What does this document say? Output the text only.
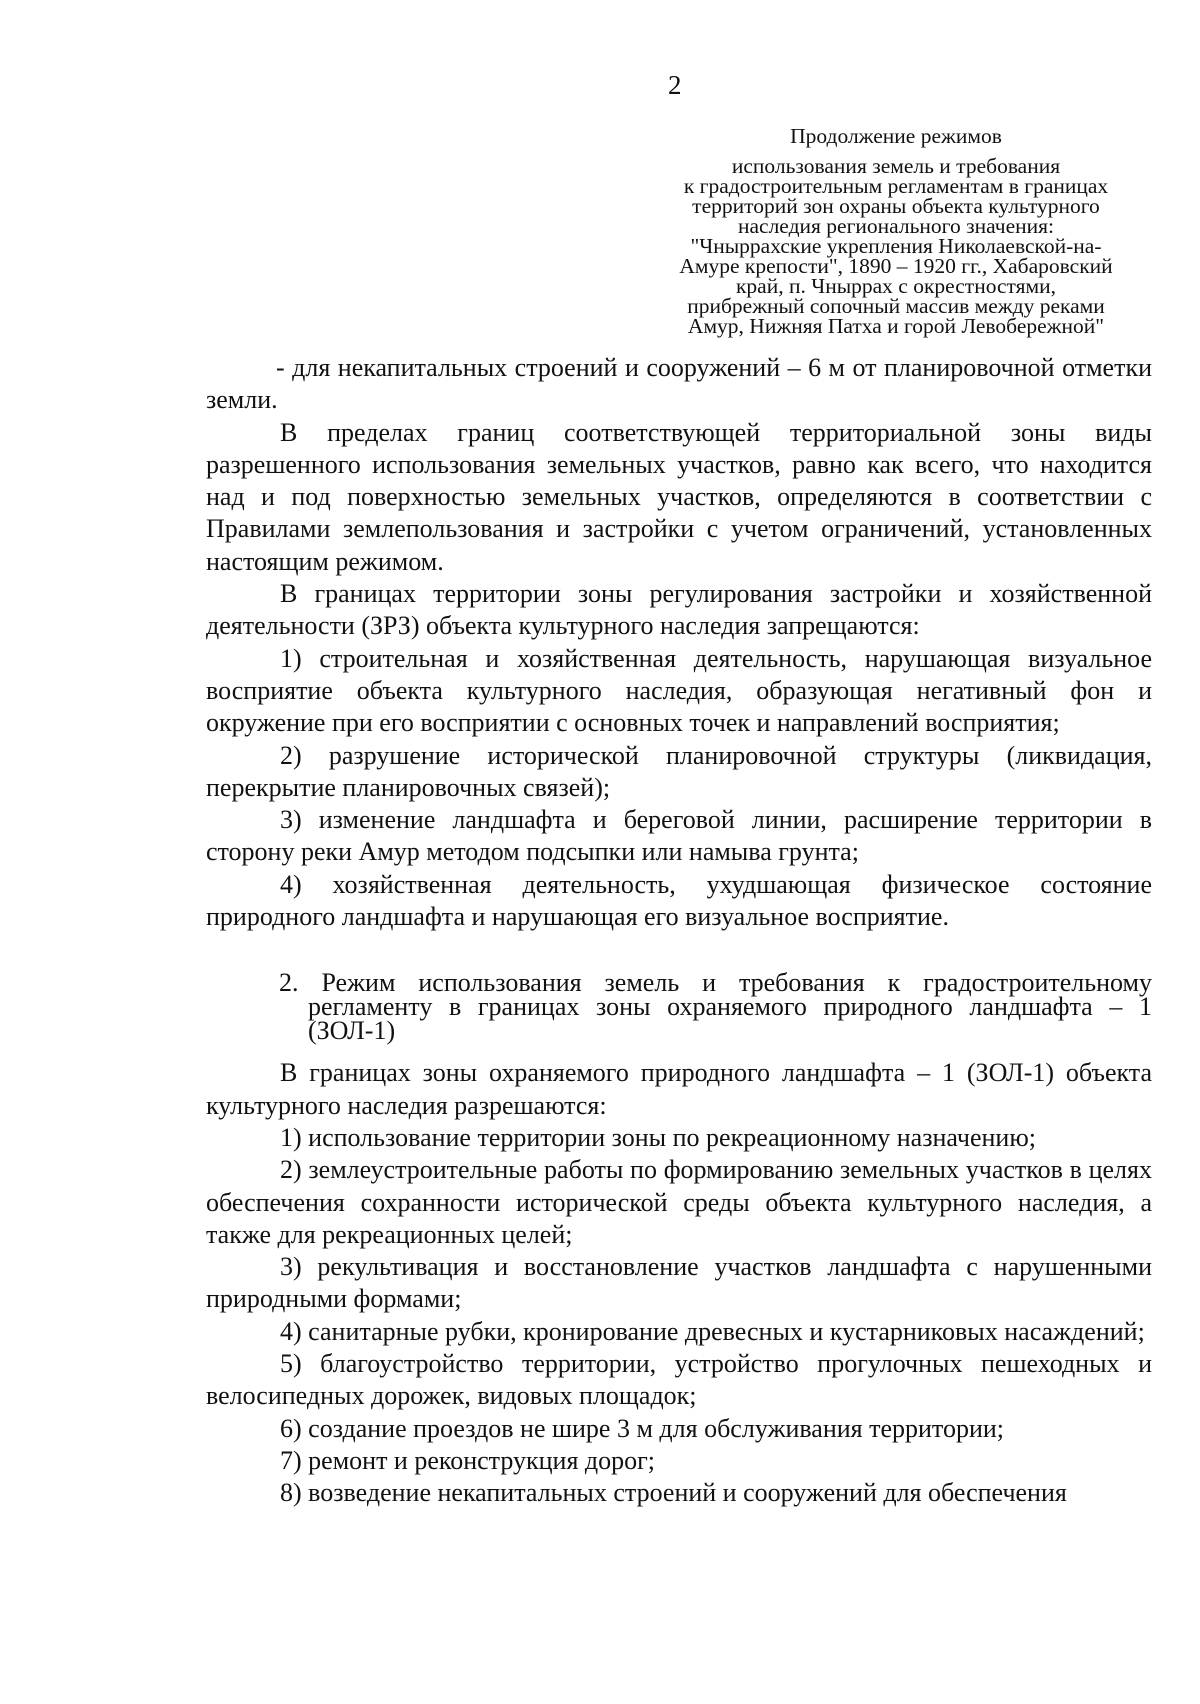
2
Продолжение режимов
использования земель и требования
к градостроительным регламентам в границах
территорий зон охраны объекта культурного
наследия регионального значения:
"Чныррахские укрепления Николаевской-на-
Амуре крепости", 1890 – 1920 гг., Хабаровский
край, п. Чныррах с окрестностями,
прибрежный сопочный массив между реками
Амур, Нижняя Патха и горой Левобережной"

- для некапитальных строений и сооружений – 6 м от планировочной отметки земли.

В пределах границ соответствующей территориальной зоны виды разрешенного использования земельных участков, равно как всего, что находится над и под поверхностью земельных участков, определяются в соответствии с Правилами землепользования и застройки с учетом ограничений, установленных настоящим режимом.

В границах территории зоны регулирования застройки и хозяйственной деятельности (ЗРЗ) объекта культурного наследия запрещаются:

1) строительная и хозяйственная деятельность, нарушающая визуальное восприятие объекта культурного наследия, образующая негативный фон и окружение при его восприятии с основных точек и направлений восприятия;

2) разрушение исторической планировочной структуры (ликвидация, перекрытие планировочных связей);

3) изменение ландшафта и береговой линии, расширение территории в сторону реки Амур методом подсыпки или намыва грунта;

4) хозяйственная деятельность, ухудшающая физическое состояние природного ландшафта и нарушающая его визуальное восприятие.

2. Режим использования земель и требования к градостроительному регламенту в границах зоны охраняемого природного ландшафта – 1 (ЗОЛ-1)

В границах зоны охраняемого природного ландшафта – 1 (ЗОЛ-1) объекта культурного наследия разрешаются:

1) использование территории зоны по рекреационному назначению;

2) землеустроительные работы по формированию земельных участков в целях обеспечения сохранности исторической среды объекта культурного наследия, а также для рекреационных целей;

3) рекультивация и восстановление участков ландшафта с нарушенными природными формами;

4) санитарные рубки, кронирование древесных и кустарниковых насаждений;

5) благоустройство территории, устройство прогулочных пешеходных и велосипедных дорожек, видовых площадок;

6) создание проездов не шире 3 м для обслуживания территории;

7) ремонт и реконструкция дорог;

8) возведение некапитальных строений и сооружений для обеспечения
